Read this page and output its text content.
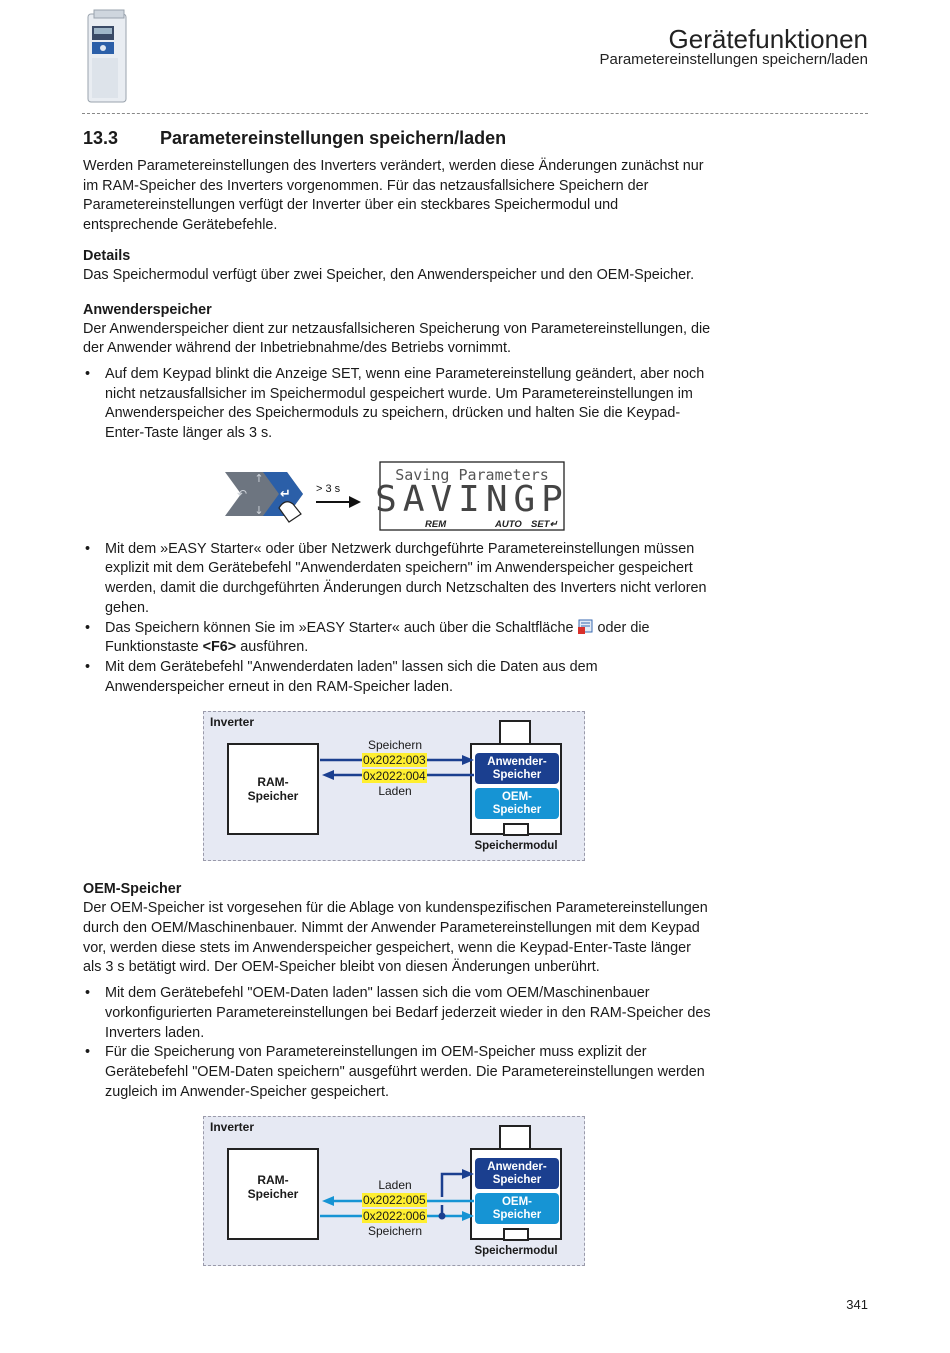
Gerätefunktionen
Parametereinstellungen speichern/laden
13.3 Parametereinstellungen speichern/laden

Werden Parametereinstellungen des Inverters verändert, werden diese Änderungen zunächst nur im RAM-Speicher des Inverters vorgenommen. Für das netzausfallsichere Speichern der Parametereinstellungen verfügt der Inverter über ein steckbares Speichermodul und entsprechende Gerätebefehle.

Details

Das Speichermodul verfügt über zwei Speicher, den Anwenderspeicher und den OEM-Speicher.

Anwenderspeicher

Der Anwenderspeicher dient zur netzausfallsicheren Speicherung von Parametereinstellungen, die der Anwender während der Inbetriebnahme/des Betriebs vornimmt.

• Auf dem Keypad blinkt die Anzeige SET, wenn eine Parametereinstellung geändert, aber noch nicht netzausfallsicher im Speichermodul gespeichert wurde. Um Parametereinstellungen im Anwenderspeicher des Speichermoduls zu speichern, drücken und halten Sie die Keypad-Enter-Taste länger als 3 s.
↑
↓
↶	↵ > 3 s
Saving Parameters
SAVINGP
REM	AUTO SET↵
• Mit dem »EASY Starter« oder über Netzwerk durchgeführte Parametereinstellungen müssen explizit mit dem Gerätebefehl "Anwenderdaten speichern" im Anwenderspeicher gespeichert werden, damit die durchgeführten Änderungen durch Netzschalten des Inverters nicht verloren gehen.
• Das Speichern können Sie im »EASY Starter« auch über die Schaltfläche oder die Funktionstaste <F6> ausführen.
• Mit dem Gerätebefehl "Anwenderdaten laden" lassen sich die Daten aus dem Anwenderspeicher erneut in den RAM-Speicher laden.
Inverter
RAM-
Speicher
Anwender-
Speicher
OEM-
Speicher
Speichermodul
Speichern
0x2022:003
0x2022:004
Laden
OEM-Speicher

Der OEM-Speicher ist vorgesehen für die Ablage von kundenspezifischen Parametereinstellungen durch den OEM/Maschinenbauer. Nimmt der Anwender Parametereinstellungen mit dem Keypad vor, werden diese stets im Anwenderspeicher gespeichert, wenn die Keypad-Enter-Taste länger als 3 s betätigt wird. Der OEM-Speicher bleibt von diesen Änderungen unberührt.

• Mit dem Gerätebefehl "OEM-Daten laden" lassen sich die vom OEM/Maschinenbauer vorkonfigurierten Parametereinstellungen bei Bedarf jederzeit wieder in den RAM-Speicher des Inverters laden.
• Für die Speicherung von Parametereinstellungen im OEM-Speicher muss explizit der Gerätebefehl "OEM-Daten speichern" ausgeführt werden. Die Parametereinstellungen werden zugleich im Anwender-Speicher gespeichert.
Inverter
RAM-
Speicher
Anwender-
Speicher
OEM-
Speicher
Speichermodul
Laden
0x2022:005
0x2022:006
Speichern
341
